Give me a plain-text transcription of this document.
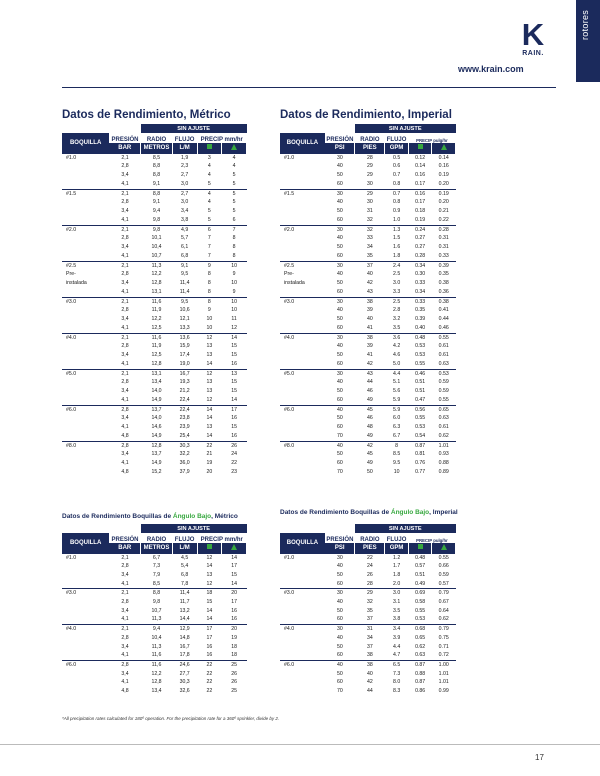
rotores
K
RAIN.
www.krain.com
Datos de Rendimiento, Métrico	Datos de Rendimiento, Imperial
		SIN AJUSTE			
BOQUILLA	PRESIÓN	RADIO	FLUJO	PRECIP mm/hr	
	BAR	METROS	L/M		
#1.0	2,1	8,5	1,9	3	4
	2,8	8,8	2,3	4	4
	3,4	8,8	2,7	4	5
	4,1	9,1	3,0	5	5
#1.5	2,1	8,8	2,7	4	5
	2,8	9,1	3,0	4	5
	3,4	9,4	3,4	5	5
	4,1	9,8	3,8	5	6
#2.0	2,1	9,8	4,9	6	7
	2,8	10,1	5,7	7	8
	3,4	10,4	6,1	7	8
	4,1	10,7	6,8	7	8
#2.5	2,1	11,3	9,1	9	10
Pre-	2,8	12,2	9,5	8	9
instalada	3,4	12,8	11,4	8	10
	4,1	13,1	11,4	8	9
#3.0	2,1	11,6	9,5	8	10
	2,8	11,9	10,6	9	10
	3,4	12,2	12,1	10	11
	4,1	12,5	13,3	10	12
#4.0	2,1	11,6	13,6	12	14
	2,8	11,9	15,9	13	15
	3,4	12,5	17,4	13	15
	4,1	12,8	19,0	14	16
#5.0	2,1	13,1	16,7	12	13
	2,8	13,4	19,3	13	15
	3,4	14,0	21,2	13	15
	4,1	14,9	22,4	12	14
#6.0	2,8	13,7	22,4	14	17
	3,4	14,0	23,8	14	16
	4,1	14,6	23,9	13	15
	4,8	14,9	25,4	14	16
#8.0	2,8	12,8	30,3	22	26
	3,4	13,7	32,2	21	24
	4,1	14,9	36,0	19	22
	4,8	15,2	37,9	20	23
		SIN AJUSTE			
BOQUILLA	PRESIÓN	RADIO	FLUJO	PRECIP pulg/hr	
	PSI	PIES	GPM		
#1.0	30	28	0.5	0.12	0.14
	40	29	0.6	0.14	0.16
	50	29	0.7	0.16	0.19
	60	30	0.8	0.17	0.20
#1.5	30	29	0.7	0.16	0.19
	40	30	0.8	0.17	0.20
	50	31	0.9	0.18	0.21
	60	32	1.0	0.19	0.22
#2.0	30	32	1.3	0.24	0.28
	40	33	1.5	0.27	0.31
	50	34	1.6	0.27	0.31
	60	35	1.8	0.28	0.33
#2.5	30	37	2.4	0.34	0.39
Pre-	40	40	2.5	0.30	0.35
instalada	50	42	3.0	0.33	0.38
	60	43	3.3	0.34	0.36
#3.0	30	38	2.5	0.33	0.38
	40	39	2.8	0.35	0.41
	50	40	3.2	0.39	0.44
	60	41	3.5	0.40	0.46
#4.0	30	38	3.6	0.48	0.55
	40	39	4.2	0.53	0.61
	50	41	4.6	0.53	0.61
	60	42	5.0	0.55	0.63
#5.0	30	43	4.4	0.46	0.53
	40	44	5.1	0.51	0.59
	50	46	5.6	0.51	0.59
	60	49	5.9	0.47	0.55
#6.0	40	45	5.9	0.56	0.65
	50	46	6.0	0.55	0.63
	60	48	6.3	0.53	0.61
	70	49	6.7	0.54	0.62
#8.0	40	42	8	0.87	1.01
	50	45	8.5	0.81	0.93
	60	49	9.5	0.76	0.88
	70	50	10	0.77	0.89
Datos de Rendimiento Boquillas de Ángulo Bajo, Métrico
Datos de Rendimiento Boquillas de Ángulo Bajo, Imperial
		SIN AJUSTE			
BOQUILLA	PRESIÓN	RADIO	FLUJO	PRECIP mm/hr	
	BAR	METROS	L/M		
#1.0	2,1	6,7	4,5	12	14
	2,8	7,3	5,4	14	17
	3,4	7,9	6,8	13	15
	4,1	8,5	7,8	12	14
#3.0	2,1	8,8	11,4	18	20
	2,8	9,8	11,7	15	17
	3,4	10,7	13,2	14	16
	4,1	11,3	14,4	14	16
#4.0	2,1	9,4	12,9	17	20
	2,8	10,4	14,8	17	19
	3,4	11,3	16,7	16	18
	4,1	11,6	17,8	16	18
#6.0	2,8	11,6	24,6	22	25
	3,4	12,2	27,7	22	26
	4,1	12,8	30,3	22	26
	4,8	13,4	32,6	22	25
		SIN AJUSTE			
BOQUILLA	PRESIÓN	RADIO	FLUJO	PRECIP pulg/hr	
	PSI	PIES	GPM		
#1.0	30	22	1.2	0.48	0.55
	40	24	1.7	0.57	0.66
	50	26	1.8	0.51	0.59
	60	28	2.0	0.49	0.57
#3.0	30	29	3.0	0.69	0.79
	40	32	3.1	0.58	0.67
	50	35	3.5	0.55	0.64
	60	37	3.8	0.53	0.62
#4.0	30	31	3.4	0.68	0.79
	40	34	3.9	0.65	0.75
	50	37	4.4	0.62	0.71
	60	38	4.7	0.63	0.72
#6.0	40	38	6.5	0.87	1.00
	50	40	7.3	0.88	1.01
	60	42	8.0	0.87	1.01
	70	44	8.3	0.86	0.99
*All precipitation rates calculated for 180º operation. For the precipitation rate for a 360º sprinkler, divide by 2.
17
